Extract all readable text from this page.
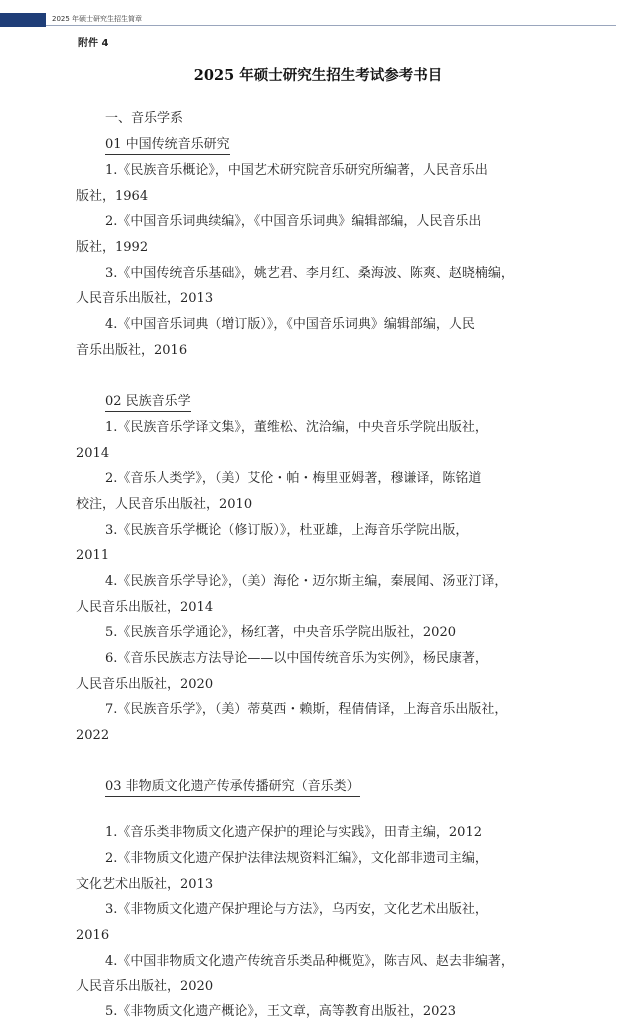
2025 年硕士研究生招生简章
附件 4
2025 年硕士研究生招生考试参考书目
一、音乐学系
01 中国传统音乐研究
1.《民族音乐概论》，中国艺术研究院音乐研究所编著，人民音乐出
版社，1964
2.《中国音乐词典续编》，《中国音乐词典》编辑部编，人民音乐出
版社，1992
3.《中国传统音乐基础》，姚艺君、李月红、桑海波、陈爽、赵晓楠编，
人民音乐出版社，2013
4.《中国音乐词典（增订版）》，《中国音乐词典》编辑部编，人民
音乐出版社，2016
02 民族音乐学
1.《民族音乐学译文集》，董维松、沈洽编，中央音乐学院出版社，
2014
2.《音乐人类学》，（美）艾伦・帕・梅里亚姆著，穆谦译，陈铭道
校注，人民音乐出版社，2010
3.《民族音乐学概论（修订版）》，杜亚雄，上海音乐学院出版，
2011
4.《民族音乐学导论》，（美）海伦・迈尔斯主编，秦展闻、汤亚汀译，
人民音乐出版社，2014
5.《民族音乐学通论》，杨红著，中央音乐学院出版社，2020
6.《音乐民族志方法导论——以中国传统音乐为实例》，杨民康著，
人民音乐出版社，2020
7.《民族音乐学》，（美）蒂莫西・赖斯，程倩倩译，上海音乐出版社，
2022
03 非物质文化遗产传承传播研究（音乐类）
1.《音乐类非物质文化遗产保护的理论与实践》，田青主编，2012
2.《非物质文化遗产保护法律法规资料汇编》，文化部非遗司主编，
文化艺术出版社，2013
3.《非物质文化遗产保护理论与方法》，乌丙安，文化艺术出版社，
2016
4.《中国非物质文化遗产传统音乐类品种概览》，陈吉风、赵去非编著，
人民音乐出版社，2020
5.《非物质文化遗产概论》，王文章，高等教育出版社，2023
